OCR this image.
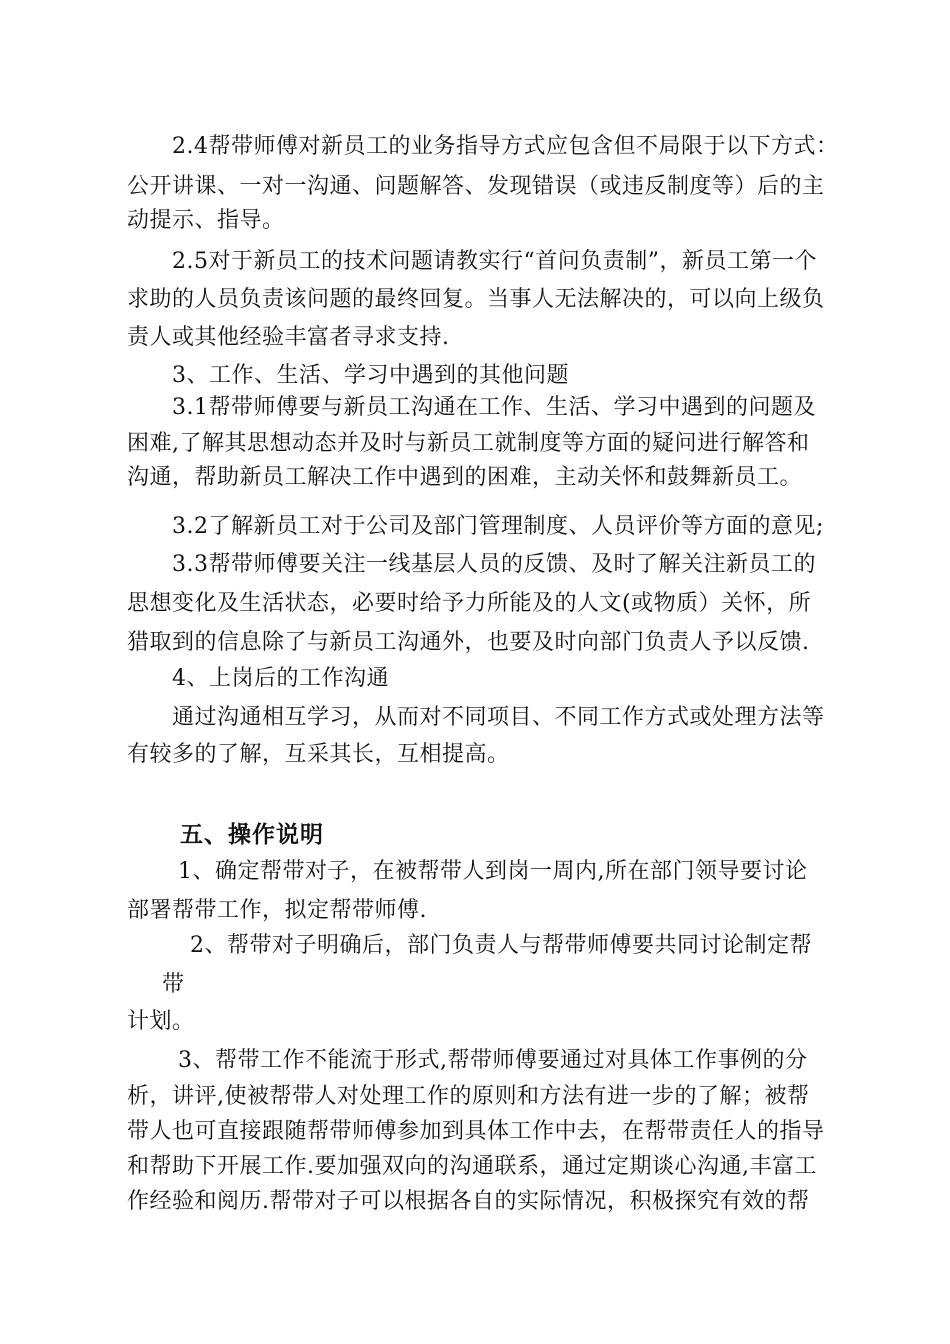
2.4帮带师傅对新员工的业务指导方式应包含但不局限于以下方式：
公开讲课、一对一沟通、问题解答、发现错误（或违反制度等）后的主
动提示、指导。
2.5对于新员工的技术问题请教实行“首问负责制”，新员工第一个
求助的人员负责该问题的最终回复。当事人无法解决的，可以向上级负
责人或其他经验丰富者寻求支持.
3、工作、生活、学习中遇到的其他问题
3.1帮带师傅要与新员工沟通在工作、生活、学习中遇到的问题及
困难,了解其思想动态并及时与新员工就制度等方面的疑问进行解答和
沟通，帮助新员工解决工作中遇到的困难，主动关怀和鼓舞新员工。
3.2了解新员工对于公司及部门管理制度、人员评价等方面的意见;
3.3帮带师傅要关注一线基层人员的反馈、及时了解关注新员工的
思想变化及生活状态，必要时给予力所能及的人文(或物质）关怀，所
猎取到的信息除了与新员工沟通外，也要及时向部门负责人予以反馈.
4、上岗后的工作沟通
通过沟通相互学习，从而对不同项目、不同工作方式或处理方法等
有较多的了解，互采其长，互相提高。
五、操作说明
1、确定帮带对子，在被帮带人到岗一周内,所在部门领导要讨论
部署帮带工作，拟定帮带师傅.
2、帮带对子明确后，部门负责人与帮带师傅要共同讨论制定帮
带
计划。
3、帮带工作不能流于形式,帮带师傅要通过对具体工作事例的分
析，讲评,使被帮带人对处理工作的原则和方法有进一步的了解；被帮
带人也可直接跟随帮带师傅参加到具体工作中去，在帮带责任人的指导
和帮助下开展工作.要加强双向的沟通联系，通过定期谈心沟通,丰富工
作经验和阅历.帮带对子可以根据各自的实际情况，积极探究有效的帮
